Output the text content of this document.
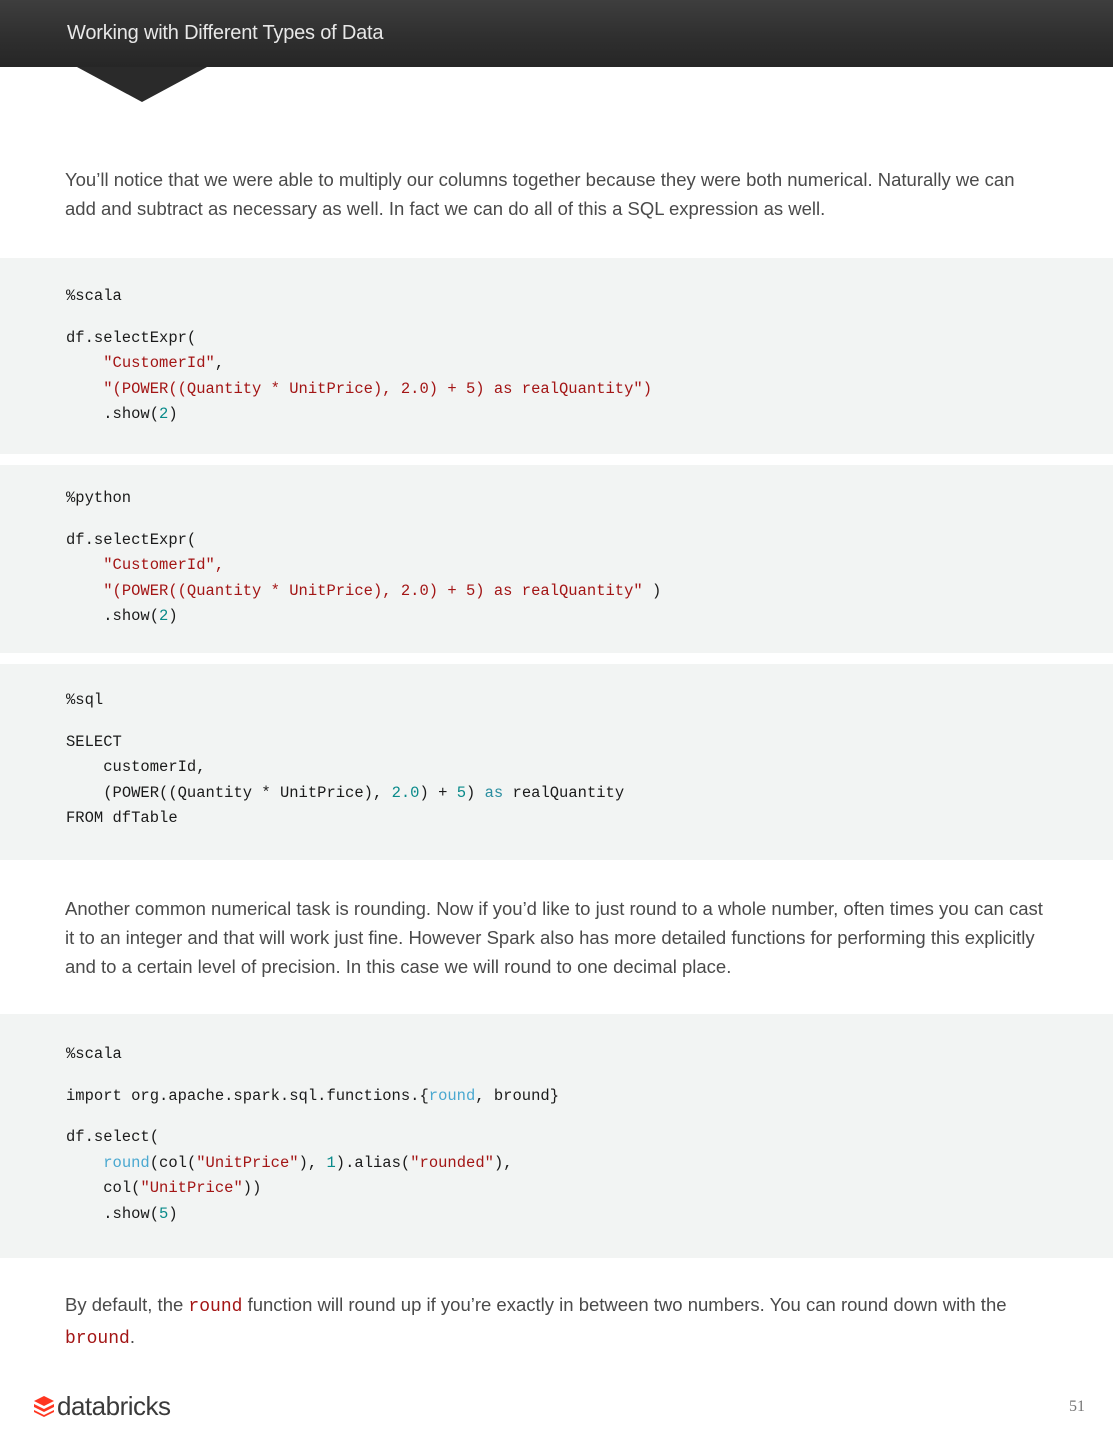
Working with Different Types of Data

You’ll notice that we were able to multiply our columns together because they were both numerical. Naturally we can add and subtract as necessary as well. In fact we can do all of this a SQL expression as well.

%scala

df.selectExpr(
"CustomerId",
"(POWER((Quantity * UnitPrice), 2.0) + 5) as realQuantity")
.show(2)
%python

df.selectExpr(
"CustomerId",
"(POWER((Quantity * UnitPrice), 2.0) + 5) as realQuantity" )
.show(2)
%sql

SELECT
customerId,
(POWER((Quantity * UnitPrice), 2.0) + 5) as realQuantity
FROM dfTable

Another common numerical task is rounding. Now if you’d like to just round to a whole number, often times you can cast it to an integer and that will work just fine. However Spark also has more detailed functions for performing this explicitly and to a certain level of precision. In this case we will round to one decimal place.

%scala

import org.apache.spark.sql.functions.{round, bround}

df.select(
round(col("UnitPrice"), 1).alias("rounded"),
col("UnitPrice"))
.show(5)

By default, the round function will round up if you’re exactly in between two numbers. You can round down with the bround.

databricks	51
